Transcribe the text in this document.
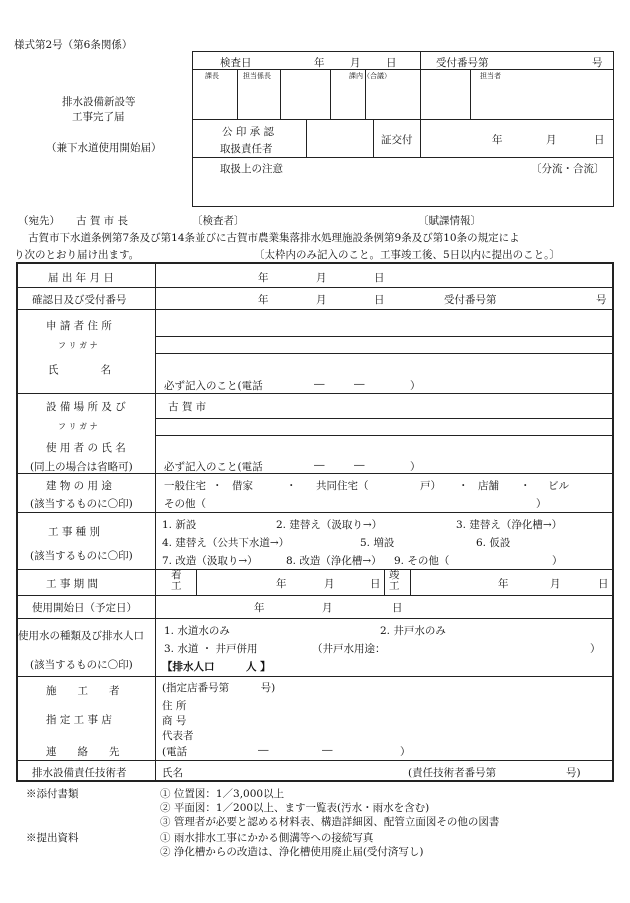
様式第2号（第6条関係）
排水設備新設等
工事完了届
（兼下水道使用開始届）
検査日	年 月 日	受付番号第	号
課長	担当係長	課内（合議）	担当者
公 印 承 認
取扱責任者
証交付	年	月	日
取扱上の注意	〔分流・合流〕
（宛先） 古 賀 市 長	〔検査者〕	〔賦課情報〕
古賀市下水道条例第7条及び第14条並びに古賀市農業集落排水処理施設条例第9条及び第10条の規定によ
り次のとおり届け出ます。	〔太枠内のみ記入のこと。工事竣工後、5日以内に提出のこと。〕
届 出 年 月 日	年	月	日
確認日及び受付番号	年	月	日	受付番号第	号
申 請 者 住 所
フ リ ガ ナ
氏　　　　名
必ず記入のこと(電話	―	―	）
設 備 場 所 及 び	古 賀 市
フ リ ガ ナ
使 用 者 の 氏 名
(同上の場合は省略可)	必ず記入のこと(電話	―	―	）
建 物 の 用 途
(該当するものに〇印)
一般住宅 ・ 借家	・ 共同住宅（	戸） ・ 店舗 ・ ビル
その他（	）
工 事 種 別
(該当するものに〇印)
1. 新設	2. 建替え（汲取り→）	3. 建替え（浄化槽→）
4. 建替え（公共下水道→）	5. 増設	6. 仮設
7. 改造（汲取り→）	8. 改造（浄化槽→） 9. その他（	）
工 事 期 間
着
工
竣
工
年	月	日	年	月	日
使用開始日（予定日）	年	月	日
使用水の種類及び排水人口
(該当するものに〇印)
1. 水道水のみ	2. 井戸水のみ
3. 水道 ・ 井戸併用	（井戸水用途：	）
【排水人口　　　人 】
施　　工　　者
指 定 工 事 店
連　　絡　　先
(指定店番号第　　　号)
住 所
商 号
代表者
(電話	―	―	）
排水設備責任技術者	氏名	(責任技術者番号第	号)
※添付書類	① 位置図：1／3,000以上
② 平面図：1／200以上、ます一覧表(汚水・雨水を含む)
③ 管理者が必要と認める材料表、構造詳細図、配管立面図その他の図書
※提出資料	① 雨水排水工事にかかる側溝等への接続写真
② 浄化槽からの改造は、浄化槽使用廃止届(受付済写し)
